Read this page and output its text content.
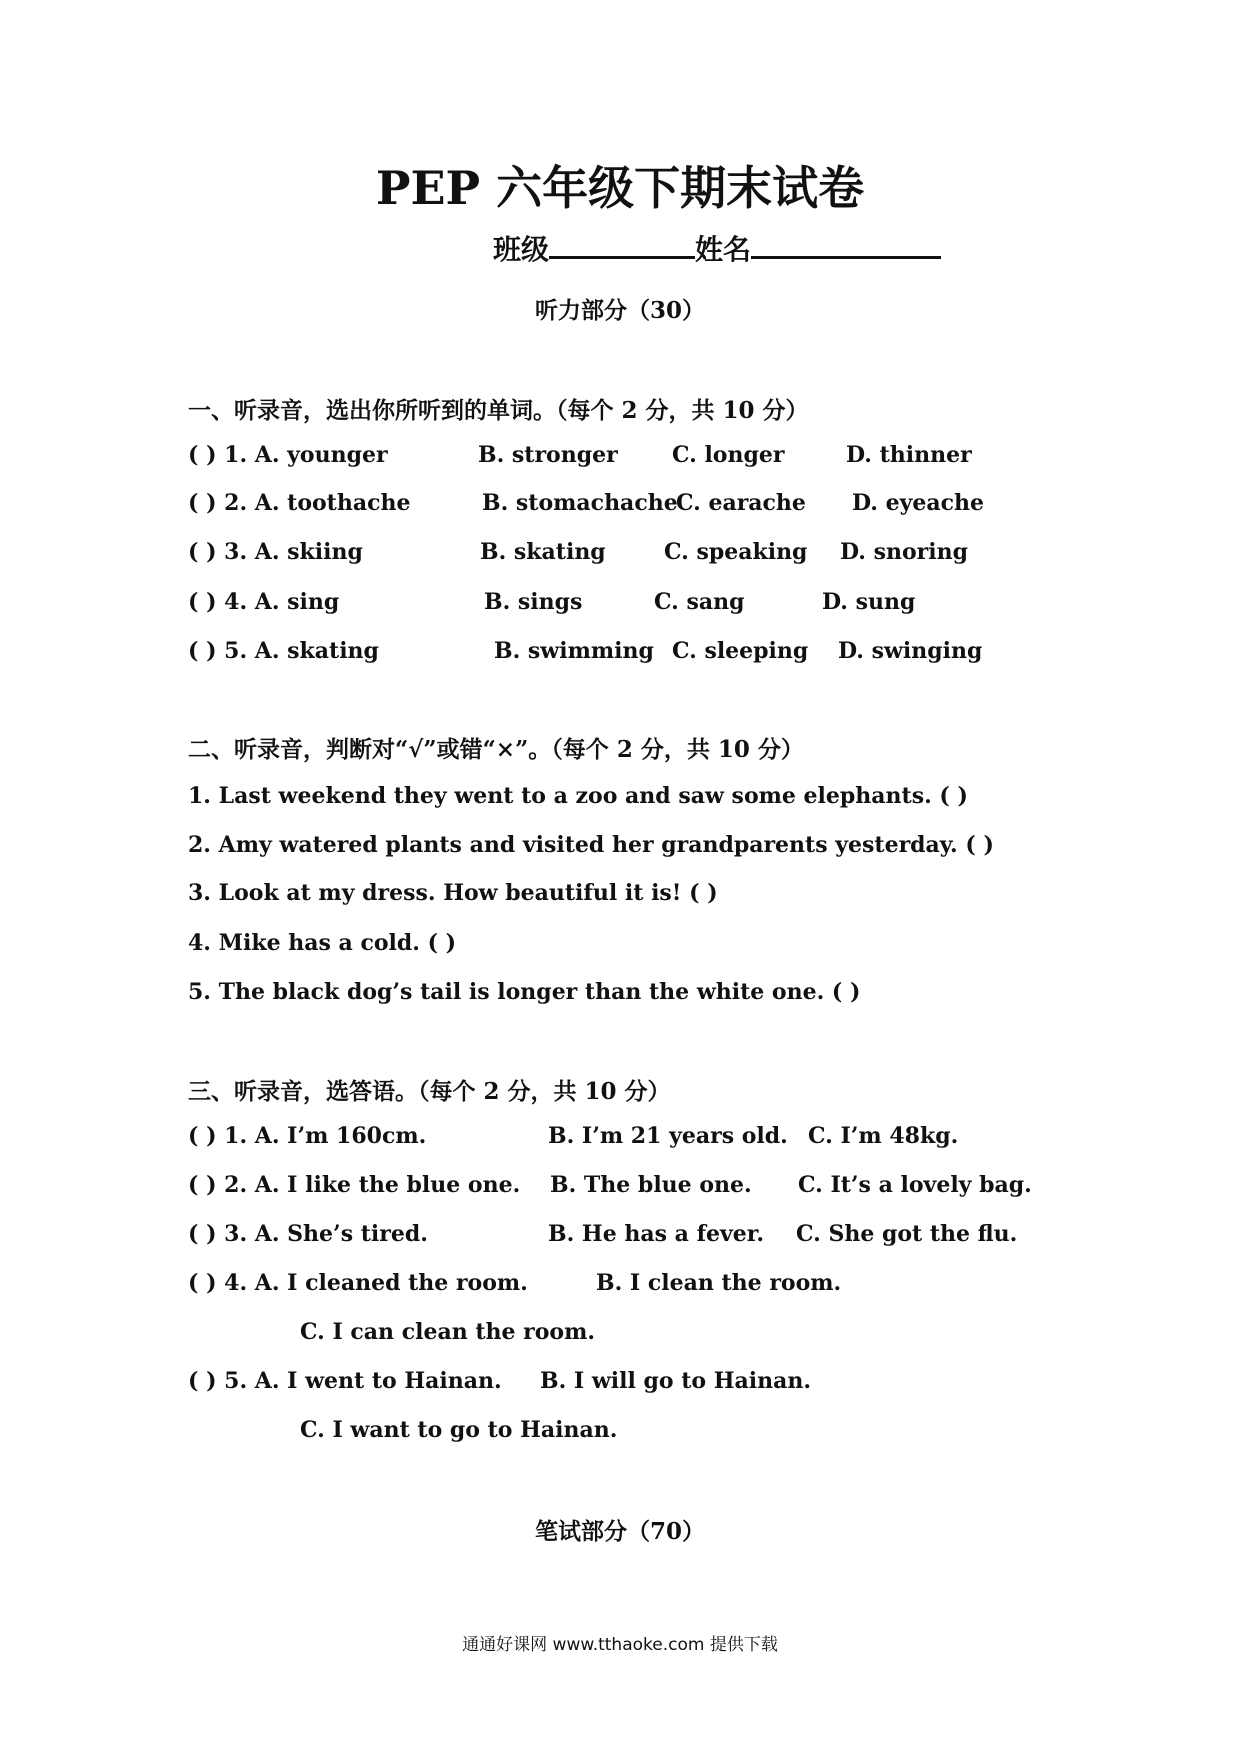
PEP 六年级下期末试卷
班级	姓名
听力部分（30）
一、听录音，选出你所听到的单词。（每个 2 分，共 10 分）
( ) 1. A. younger	B. stronger C. longer	D. thinner
( ) 2. A. toothache	B. stomachache
C. earache D. eyeache
( ) 3. A. skiing	B. skating	C. speaking D. snoring
( ) 4. A. sing	B. sings	C. sang	D. sung
( ) 5. A. skating	B. swimming C. sleeping D. swinging
二、听录音，判断对“√”或错“×”。（每个 2 分，共 10 分）
1. Last weekend they went to a zoo and saw some elephants. ( )
2. Amy watered plants and visited her grandparents yesterday. ( )
3. Look at my dress. How beautiful it is! ( )
4. Mike has a cold. ( )
5. The black dog’s tail is longer than the white one. ( )
三、听录音，选答语。（每个 2 分，共 10 分）
( ) 1. A. I’m 160cm.	B. I’m 21 years old. C. I’m 48kg.
( ) 2. A. I like the blue one. B. The blue one. C. It’s a lovely bag.
( ) 3. A. She’s tired.	B. He has a fever. C. She got the flu.
( ) 4. A. I cleaned the room.	B. I clean the room.
C. I can clean the room.
( ) 5. A. I went to Hainan. B. I will go to Hainan.
C. I want to go to Hainan.
笔试部分（70）
通通好课网 www.tthaoke.com 提供下载
